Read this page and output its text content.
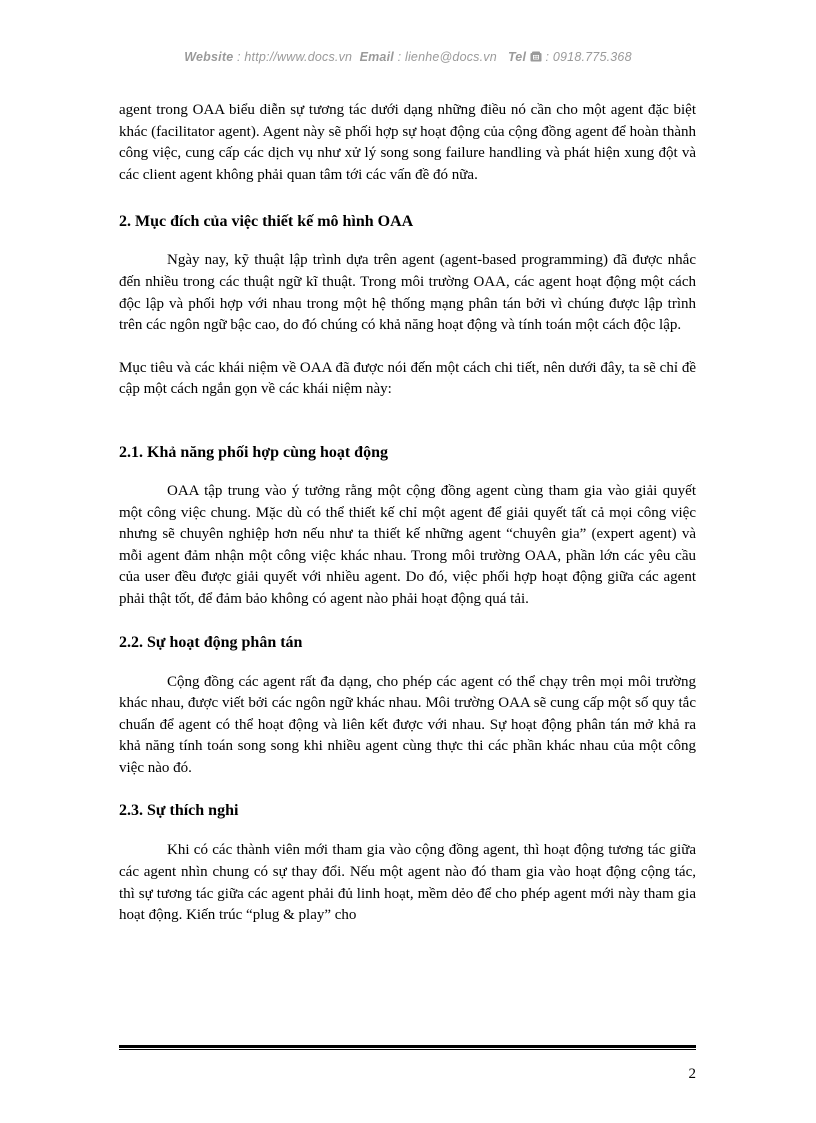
Website : http://www.docs.vn Email : lienhe@docs.vn Tel : 0918.775.368

agent trong OAA biểu diễn sự tương tác dưới dạng những điều nó cần cho một agent đặc biệt khác (facilitator agent). Agent này sẽ phối hợp sự hoạt động của cộng đồng agent để hoàn thành công việc, cung cấp các dịch vụ như xử lý song song failure handling và phát hiện xung đột và các client agent không phải quan tâm tới các vấn đề đó nữa.

2. Mục đích của việc thiết kế mô hình OAA

Ngày nay, kỹ thuật lập trình dựa trên agent (agent-based programming) đã được nhắc đến nhiều trong các thuật ngữ kĩ thuật. Trong môi trường OAA, các agent hoạt động một cách độc lập và phối hợp với nhau trong một hệ thống mạng phân tán bởi vì chúng được lập trình trên các ngôn ngữ bậc cao, do đó chúng có khả năng hoạt động và tính toán một cách độc lập.

Mục tiêu và các khái niệm về OAA đã được nói đến một cách chi tiết, nên dưới đây, ta sẽ chỉ đề cập một cách ngắn gọn về các khái niệm này:

2.1. Khả năng phối hợp cùng hoạt động

OAA tập trung vào ý tưởng rằng một cộng đồng agent cùng tham gia vào giải quyết một công việc chung. Mặc dù có thể thiết kế chỉ một agent để giải quyết tất cả mọi công việc nhưng sẽ chuyên nghiệp hơn nếu như ta thiết kế những agent “chuyên gia” (expert agent) và mỗi agent đảm nhận một công việc khác nhau. Trong môi trường OAA, phần lớn các yêu cầu của user đều được giải quyết với nhiều agent. Do đó, việc phối hợp hoạt động giữa các agent phải thật tốt, để đảm bảo không có agent nào phải hoạt động quá tải.

2.2. Sự hoạt động phân tán

Cộng đồng các agent rất đa dạng, cho phép các agent có thể chạy trên mọi môi trường khác nhau, được viết bởi các ngôn ngữ khác nhau. Môi trường OAA sẽ cung cấp một số quy tắc chuẩn để agent có thể hoạt động và liên kết được với nhau. Sự hoạt động phân tán mở khả ra khả năng tính toán song song khi nhiều agent cùng thực thi các phần khác nhau của một công việc nào đó.

2.3. Sự thích nghi

Khi có các thành viên mới tham gia vào cộng đồng agent, thì hoạt động tương tác giữa các agent nhìn chung có sự thay đổi. Nếu một agent nào đó tham gia vào hoạt động cộng tác, thì sự tương tác giữa các agent phải đủ linh hoạt, mềm dẻo để cho phép agent mới này tham gia hoạt động. Kiến trúc “plug & play” cho

2
